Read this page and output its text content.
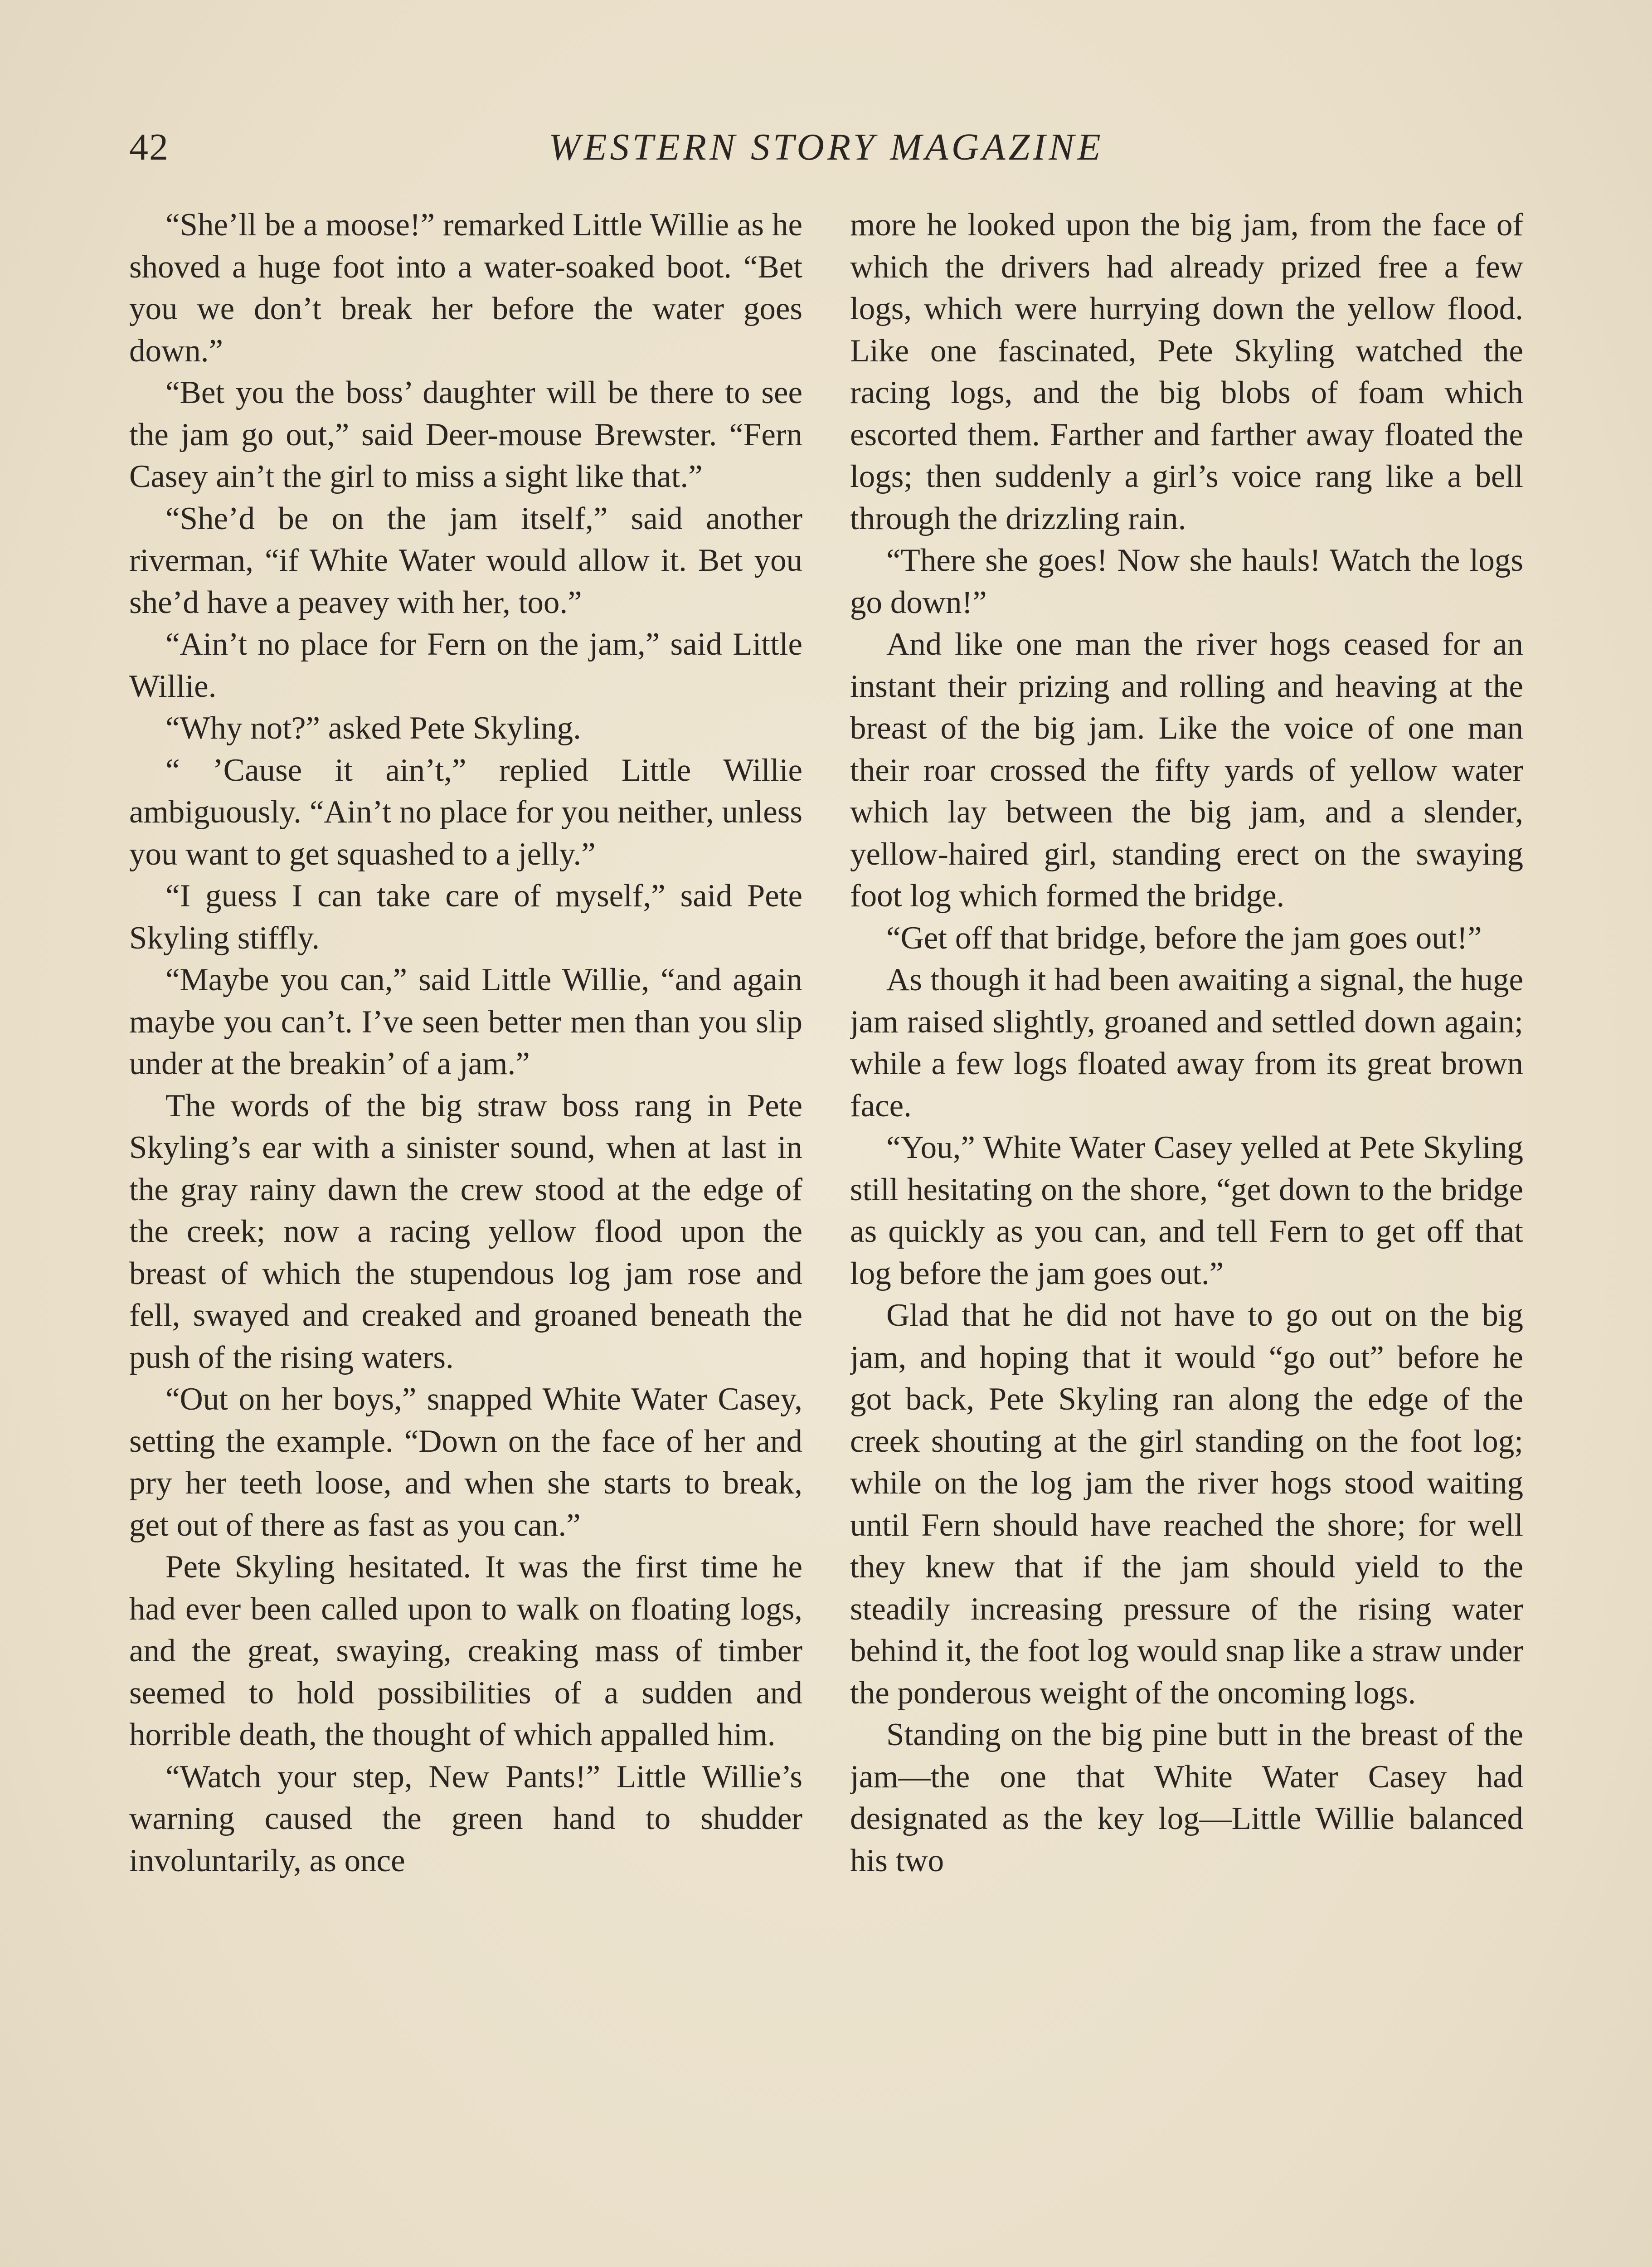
42	WESTERN STORY MAGAZINE

“She’ll be a moose!” remarked Little Willie as he shoved a huge foot into a water-soaked boot. “Bet you we don’t break her before the water goes down.”

“Bet you the boss’ daughter will be there to see the jam go out,” said Deer-mouse Brewster. “Fern Casey ain’t the girl to miss a sight like that.”

“She’d be on the jam itself,” said another riverman, “if White Water would allow it. Bet you she’d have a peavey with her, too.”

“Ain’t no place for Fern on the jam,” said Little Willie.

“Why not?” asked Pete Skyling.

“ ’Cause it ain’t,” replied Little Willie ambiguously. “Ain’t no place for you neither, unless you want to get squashed to a jelly.”

“I guess I can take care of myself,” said Pete Skyling stiffly.

“Maybe you can,” said Little Willie, “and again maybe you can’t. I’ve seen better men than you slip under at the breakin’ of a jam.”

The words of the big straw boss rang in Pete Skyling’s ear with a sinister sound, when at last in the gray rainy dawn the crew stood at the edge of the creek; now a racing yellow flood upon the breast of which the stupendous log jam rose and fell, swayed and creaked and groaned beneath the push of the rising waters.

“Out on her boys,” snapped White Water Casey, setting the example. “Down on the face of her and pry her teeth loose, and when she starts to break, get out of there as fast as you can.”

Pete Skyling hesitated. It was the first time he had ever been called upon to walk on floating logs, and the great, swaying, creaking mass of timber seemed to hold possibilities of a sudden and horrible death, the thought of which appalled him.

“Watch your step, New Pants!” Little Willie’s warning caused the green hand to shudder involuntarily, as once

more he looked upon the big jam, from the face of which the drivers had already prized free a few logs, which were hurrying down the yellow flood. Like one fascinated, Pete Skyling watched the racing logs, and the big blobs of foam which escorted them. Farther and farther away floated the logs; then suddenly a girl’s voice rang like a bell through the drizzling rain.

“There she goes! Now she hauls! Watch the logs go down!”

And like one man the river hogs ceased for an instant their prizing and rolling and heaving at the breast of the big jam. Like the voice of one man their roar crossed the fifty yards of yellow water which lay between the big jam, and a slender, yellow-haired girl, standing erect on the swaying foot log which formed the bridge.

“Get off that bridge, before the jam goes out!”

As though it had been awaiting a signal, the huge jam raised slightly, groaned and settled down again; while a few logs floated away from its great brown face.

“You,” White Water Casey yelled at Pete Skyling still hesitating on the shore, “get down to the bridge as quickly as you can, and tell Fern to get off that log before the jam goes out.”

Glad that he did not have to go out on the big jam, and hoping that it would “go out” before he got back, Pete Skyling ran along the edge of the creek shouting at the girl standing on the foot log; while on the log jam the river hogs stood waiting until Fern should have reached the shore; for well they knew that if the jam should yield to the steadily increasing pressure of the rising water behind it, the foot log would snap like a straw under the ponderous weight of the oncoming logs.

Standing on the big pine butt in the breast of the jam—the one that White Water Casey had designated as the key log—Little Willie balanced his two
